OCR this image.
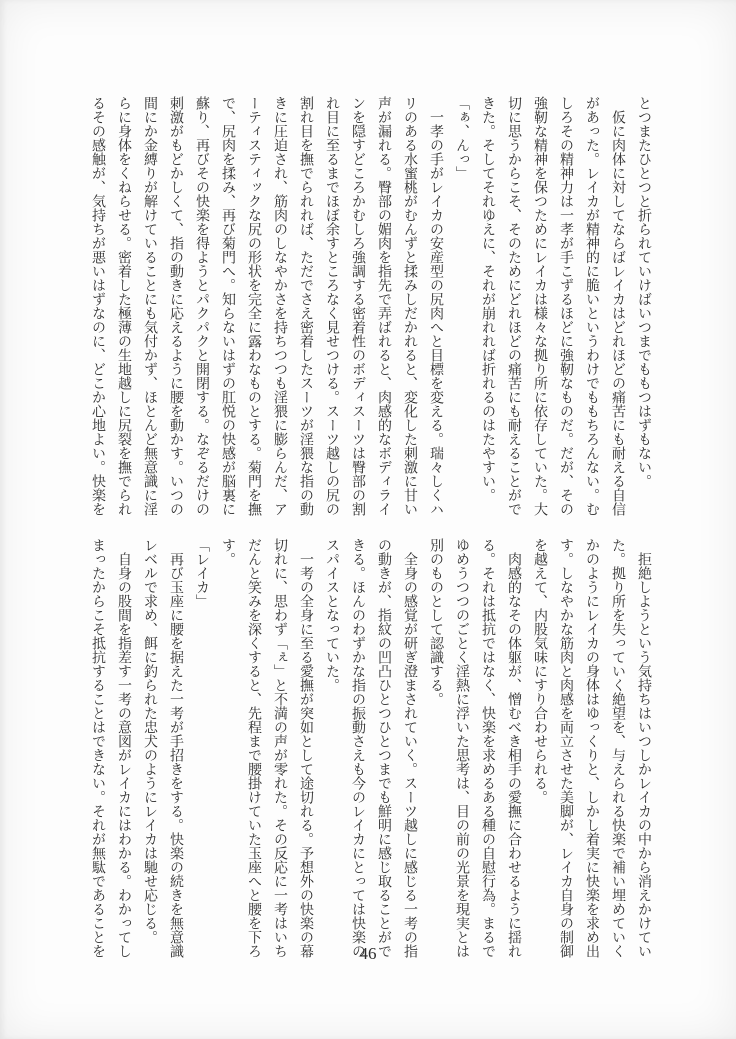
とつまたひとつと折られていけばいつまでももつはずもない。

仮に肉体に対してならばレイカはどれほどの痛苦にも耐える自信があった。レイカが精神的に脆いというわけでももちろんない。むしろその精神力は一孝が手こずるほどに強靭なものだ。だが、その強靭な精神を保つためにレイカは様々な拠り所に依存していた。大切に思うからこそ、そのためにどれほどの痛苦にも耐えることができた。そしてそれゆえに、それが崩れれば折れるのはたやすい。

「ぁ、んっ」

一孝の手がレイカの安産型の尻肉へと目標を変える。瑞々しくハリのある水蜜桃がむんずと揉みしだかれると、変化した刺激に甘い声が漏れる。臀部の媚肉を指先で弄ばれると、肉感的なボディラインを隠すどころかむしろ強調する密着性のボディスーツは臀部の割れ目に至るまでほぼ余すところなく見せつける。スーツ越しの尻の割れ目を撫でられれば、ただでさえ密着したスーツが淫猥な指の動きに圧迫され、筋肉のしなやかさを持ちつつも淫猥に膨らんだ、アーティスティックな尻の形状を完全に露わなものとする。菊門を撫で、尻肉を揉み、再び菊門へ。知らないはずの肛悦の快感が脳裏に蘇り、再びその快楽を得ようとパクパクと開閉する。なぞるだけの刺激がもどかしくて、指の動きに応えるように腰を動かす。いつの間にか金縛りが解けていることにも気付かず、ほとんど無意識に淫らに身体をくねらせる。密着した極薄の生地越しに尻裂を撫でられるその感触が、気持ちが悪いはずなのに、どこか心地よい。快楽を

拒絶しようという気持ちはいつしかレイカの中から消えかけていた。拠り所を失っていく絶望を、与えられる快楽で補い埋めていくかのようにレイカの身体はゆっくりと、しかし着実に快楽を求め出す。しなやかな筋肉と肉感を両立させた美脚が、レイカ自身の制御を越えて、内股気味にすり合わせられる。

肉感的なその体躯が、憎むべき相手の愛撫に合わせるように揺れる。それは抵抗ではなく、快楽を求めるある種の自慰行為。まるでゆめうつつのごとく淫熱に浮いた思考は、目の前の光景を現実とは別のものとして認識する。

全身の感覚が研ぎ澄まされていく。スーツ越しに感じる一考の指の動きが、指紋の凹凸ひとつひとつまでも鮮明に感じ取ることができる。ほんのわずかな指の振動さえも今のレイカにとっては快楽のスパイスとなっていた。

一考の全身に至る愛撫が突如として途切れる。予想外の快楽の幕切れに、思わず「ぇ」と不満の声が零れた。その反応に一考はいちだんと笑みを深くすると、先程まで腰掛けていた玉座へと腰を下ろす。

「レイカ」

再び玉座に腰を据えた一考が手招きをする。快楽の続きを無意識レベルで求め、餌に釣られた忠犬のようにレイカは馳せ応じる。

自身の股間を指差す一考の意図がレイカにはわかる。わかってしまったからこそ抵抗することはできない。それが無駄であることを	46
